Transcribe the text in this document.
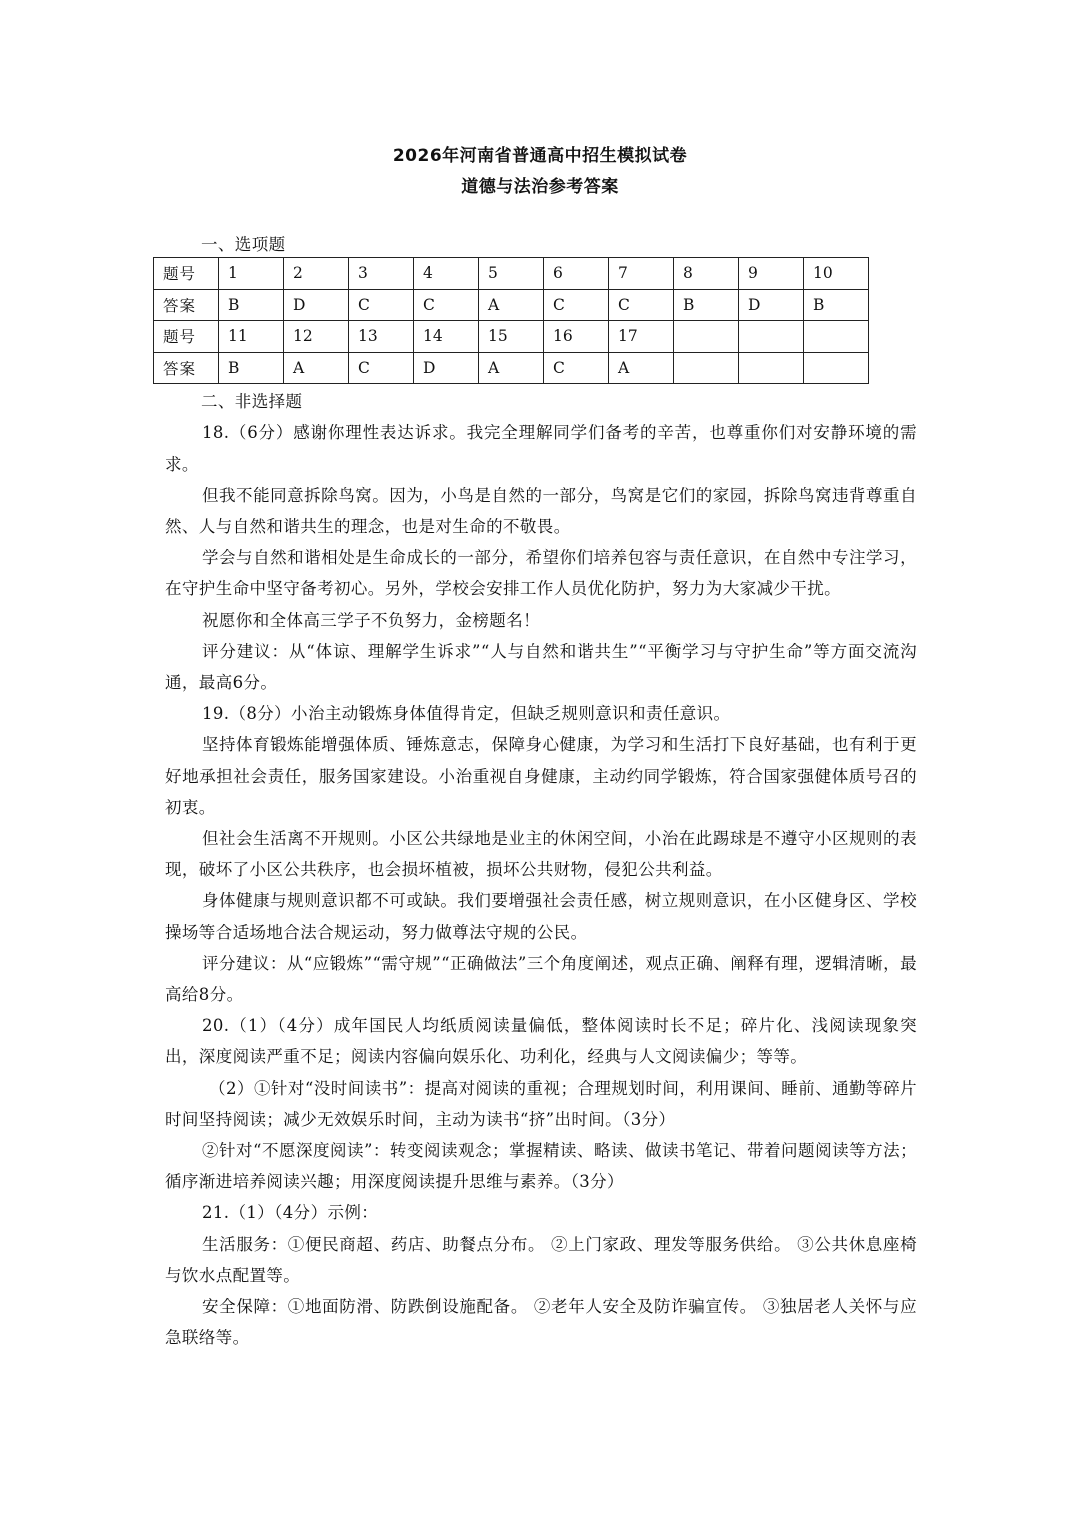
2026年河南省普通高中招生模拟试卷
道德与法治参考答案
题号	1	2	3	4	5	6	7	8	9	10
答案	B	D	C	C	A	C	C	B	D	B
题号	11	12	13	14	15	16	17			
答案	B	A	C	D	A	C	A			
一、选项题
二、非选择题

18.（6分）感谢你理性表达诉求。我完全理解同学们备考的辛苦，也尊重你们对安静环境的需求。

但我不能同意拆除鸟窝。因为，小鸟是自然的一部分，鸟窝是它们的家园，拆除鸟窝违背尊重自然、人与自然和谐共生的理念，也是对生命的不敬畏。

学会与自然和谐相处是生命成长的一部分，希望你们培养包容与责任意识，在自然中专注学习，在守护生命中坚守备考初心。另外，学校会安排工作人员优化防护，努力为大家减少干扰。

祝愿你和全体高三学子不负努力，金榜题名！

评分建议：从“体谅、理解学生诉求”“人与自然和谐共生”“平衡学习与守护生命”等方面交流沟通，最高6分。

19.（8分）小治主动锻炼身体值得肯定，但缺乏规则意识和责任意识。

坚持体育锻炼能增强体质、锤炼意志，保障身心健康，为学习和生活打下良好基础，也有利于更好地承担社会责任，服务国家建设。小治重视自身健康，主动约同学锻炼，符合国家强健体质号召的初衷。

但社会生活离不开规则。小区公共绿地是业主的休闲空间，小治在此踢球是不遵守小区规则的表现，破坏了小区公共秩序，也会损坏植被，损坏公共财物，侵犯公共利益。

身体健康与规则意识都不可或缺。我们要增强社会责任感，树立规则意识，在小区健身区、学校操场等合适场地合法合规运动，努力做尊法守规的公民。

评分建议：从“应锻炼”“需守规”“正确做法”三个角度阐述，观点正确、阐释有理，逻辑清晰，最高给8分。

20.（1）（4分）成年国民人均纸质阅读量偏低，整体阅读时长不足；碎片化、浅阅读现象突出，深度阅读严重不足；阅读内容偏向娱乐化、功利化，经典与人文阅读偏少；等等。

（2）①针对“没时间读书”：提高对阅读的重视；合理规划时间，利用课间、睡前、通勤等碎片时间坚持阅读；减少无效娱乐时间，主动为读书“挤”出时间。（3分）

②针对“不愿深度阅读”：转变阅读观念；掌握精读、略读、做读书笔记、带着问题阅读等方法；循序渐进培养阅读兴趣；用深度阅读提升思维与素养。（3分）

21.（1）（4分）示例：

生活服务：①便民商超、药店、助餐点分布。 ②上门家政、理发等服务供给。 ③公共休息座椅与饮水点配置等。

安全保障：①地面防滑、防跌倒设施配备。 ②老年人安全及防诈骗宣传。 ③独居老人关怀与应急联络等。
